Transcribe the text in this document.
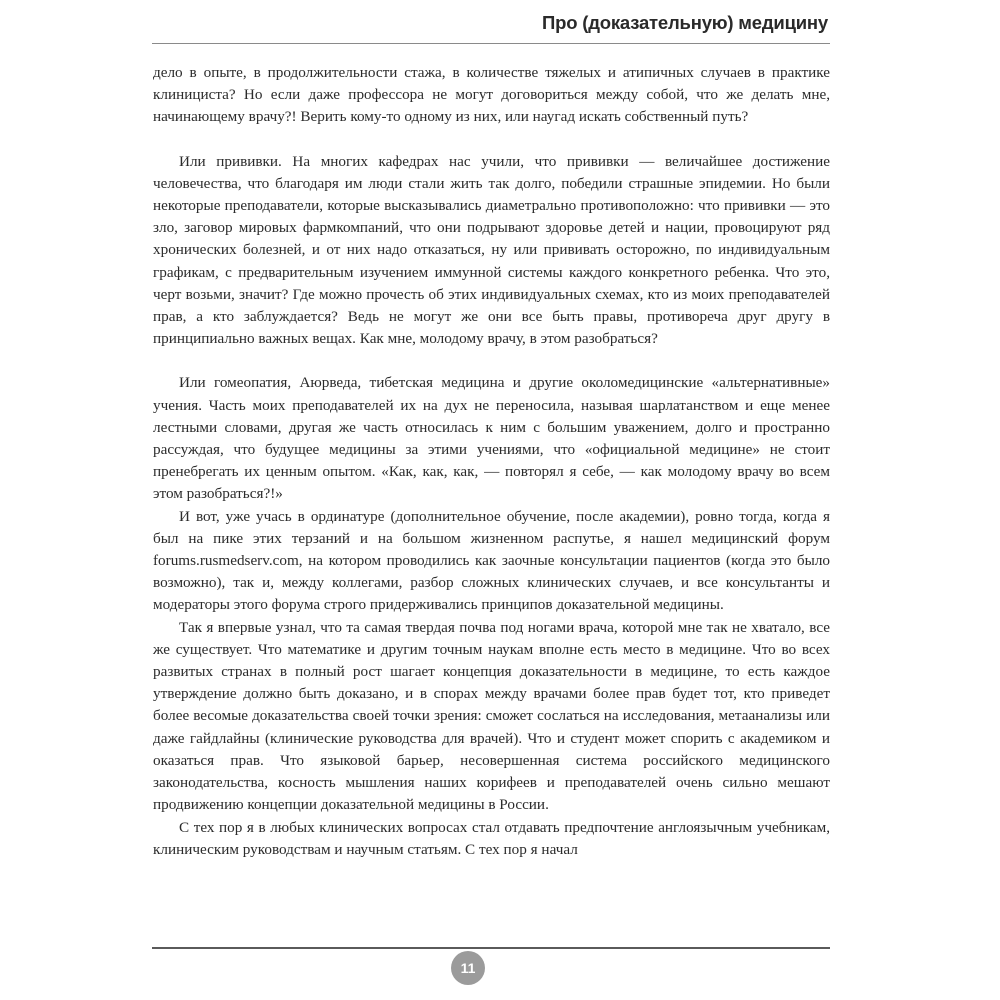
Про (доказательную) медицину

дело в опыте, в продолжительности стажа, в количестве тяжелых и атипичных случаев в практике клинициста? Но если даже профессора не могут договориться между собой, что же делать мне, начинающему врачу?! Верить кому-то одному из них, или наугад искать собственный путь?

Или прививки. На многих кафедрах нас учили, что прививки — величайшее достижение человечества, что благодаря им люди стали жить так долго, победили страшные эпидемии. Но были некоторые преподаватели, которые высказывались диаметрально противоположно: что прививки — это зло, заговор мировых фармкомпаний, что они подрывают здоровье детей и нации, провоцируют ряд хронических болезней, и от них надо отказаться, ну или прививать осторожно, по индивидуальным графикам, с предварительным изучением иммунной системы каждого конкретного ребенка. Что это, черт возьми, значит? Где можно прочесть об этих индивидуальных схемах, кто из моих преподавателей прав, а кто заблуждается? Ведь не могут же они все быть правы, противореча друг другу в принципиально важных вещах. Как мне, молодому врачу, в этом разобраться?

Или гомеопатия, Аюрведа, тибетская медицина и другие околомедицинские «альтернативные» учения. Часть моих преподавателей их на дух не переносила, называя шарлатанством и еще менее лестными словами, другая же часть относилась к ним с большим уважением, долго и пространно рассуждая, что будущее медицины за этими учениями, что «официальной медицине» не стоит пренебрегать их ценным опытом. «Как, как, как, — повторял я себе, — как молодому врачу во всем этом разобраться?!»

И вот, уже учась в ординатуре (дополнительное обучение, после академии), ровно тогда, когда я был на пике этих терзаний и на большом жизненном распутье, я нашел медицинский форум forums.rusmedserv.com, на котором проводились как заочные консультации пациентов (когда это было возможно), так и, между коллегами, разбор сложных клинических случаев, и все консультанты и модераторы этого форума строго придерживались принципов доказательной медицины.

Так я впервые узнал, что та самая твердая почва под ногами врача, которой мне так не хватало, все же существует. Что математике и другим точным наукам вполне есть место в медицине. Что во всех развитых странах в полный рост шагает концепция доказательности в медицине, то есть каждое утверждение должно быть доказано, и в спорах между врачами более прав будет тот, кто приведет более весомые доказательства своей точки зрения: сможет сослаться на исследования, метаанализы или даже гайдлайны (клинические руководства для врачей). Что и студент может спорить с академиком и оказаться прав. Что языковой барьер, несовершенная система российского медицинского законодательства, косность мышления наших корифеев и преподавателей очень сильно мешают продвижению концепции доказательной медицины в России.

С тех пор я в любых клинических вопросах стал отдавать предпочтение англоязычным учебникам, клиническим руководствам и научным статьям. С тех пор я начал

11
